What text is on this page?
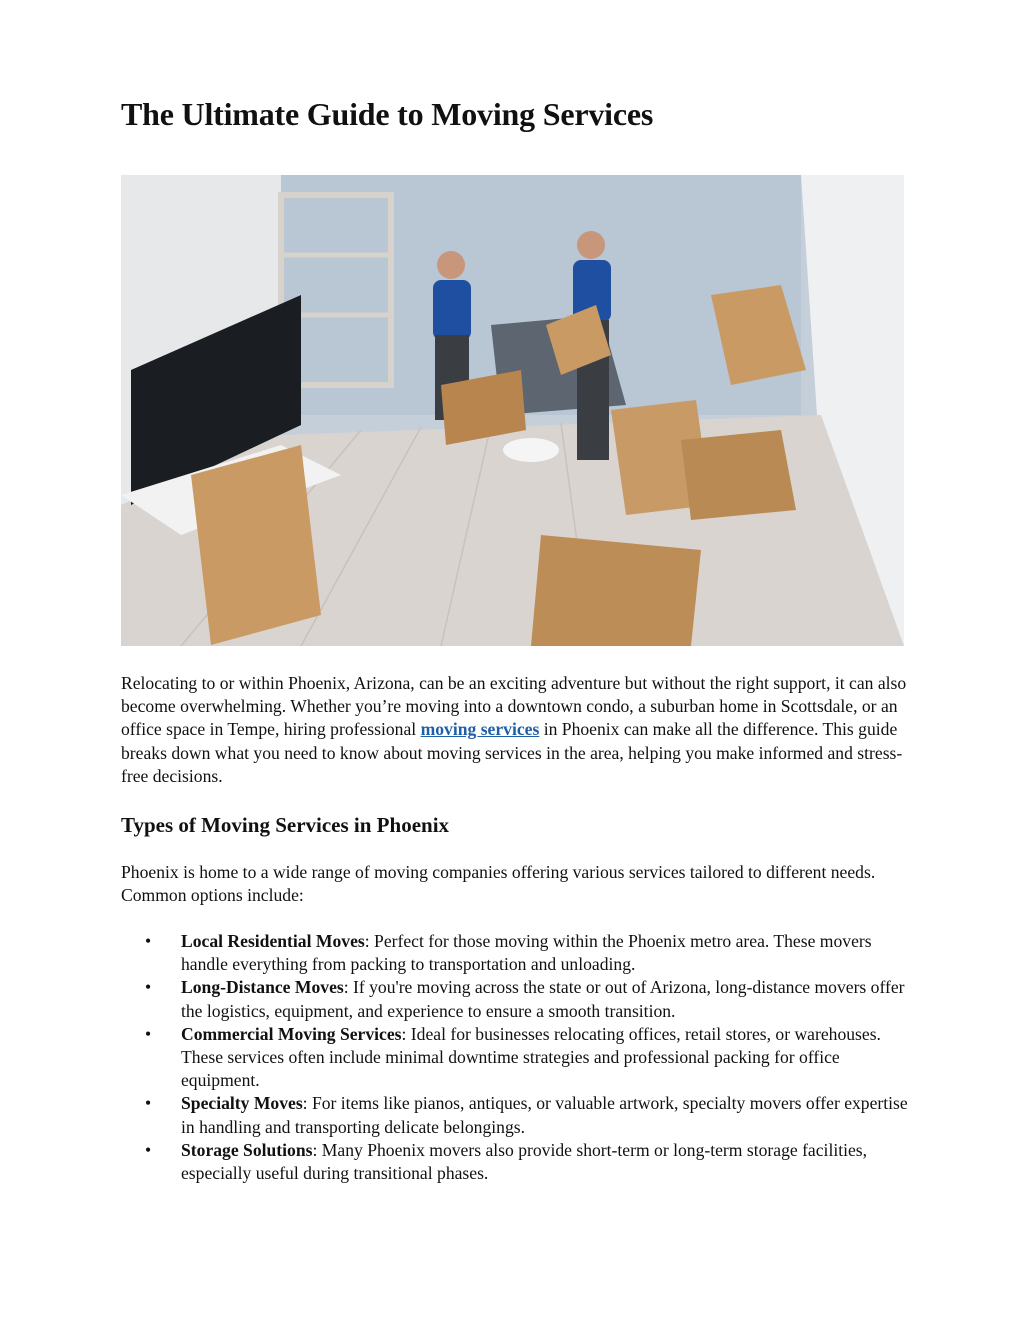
The Ultimate Guide to Moving Services

Relocating to or within Phoenix, Arizona, can be an exciting adventure but without the right support, it can also become overwhelming. Whether you’re moving into a downtown condo, a suburban home in Scottsdale, or an office space in Tempe, hiring professional moving services in Phoenix can make all the difference. This guide breaks down what you need to know about moving services in the area, helping you make informed and stress-free decisions.

Types of Moving Services in Phoenix

Phoenix is home to a wide range of moving companies offering various services tailored to different needs. Common options include:

• Local Residential Moves: Perfect for those moving within the Phoenix metro area. These movers handle everything from packing to transportation and unloading.
• Long-Distance Moves: If you're moving across the state or out of Arizona, long-distance movers offer the logistics, equipment, and experience to ensure a smooth transition.
• Commercial Moving Services: Ideal for businesses relocating offices, retail stores, or warehouses. These services often include minimal downtime strategies and professional packing for office equipment.
• Specialty Moves: For items like pianos, antiques, or valuable artwork, specialty movers offer expertise in handling and transporting delicate belongings.
• Storage Solutions: Many Phoenix movers also provide short-term or long-term storage facilities, especially useful during transitional phases.
